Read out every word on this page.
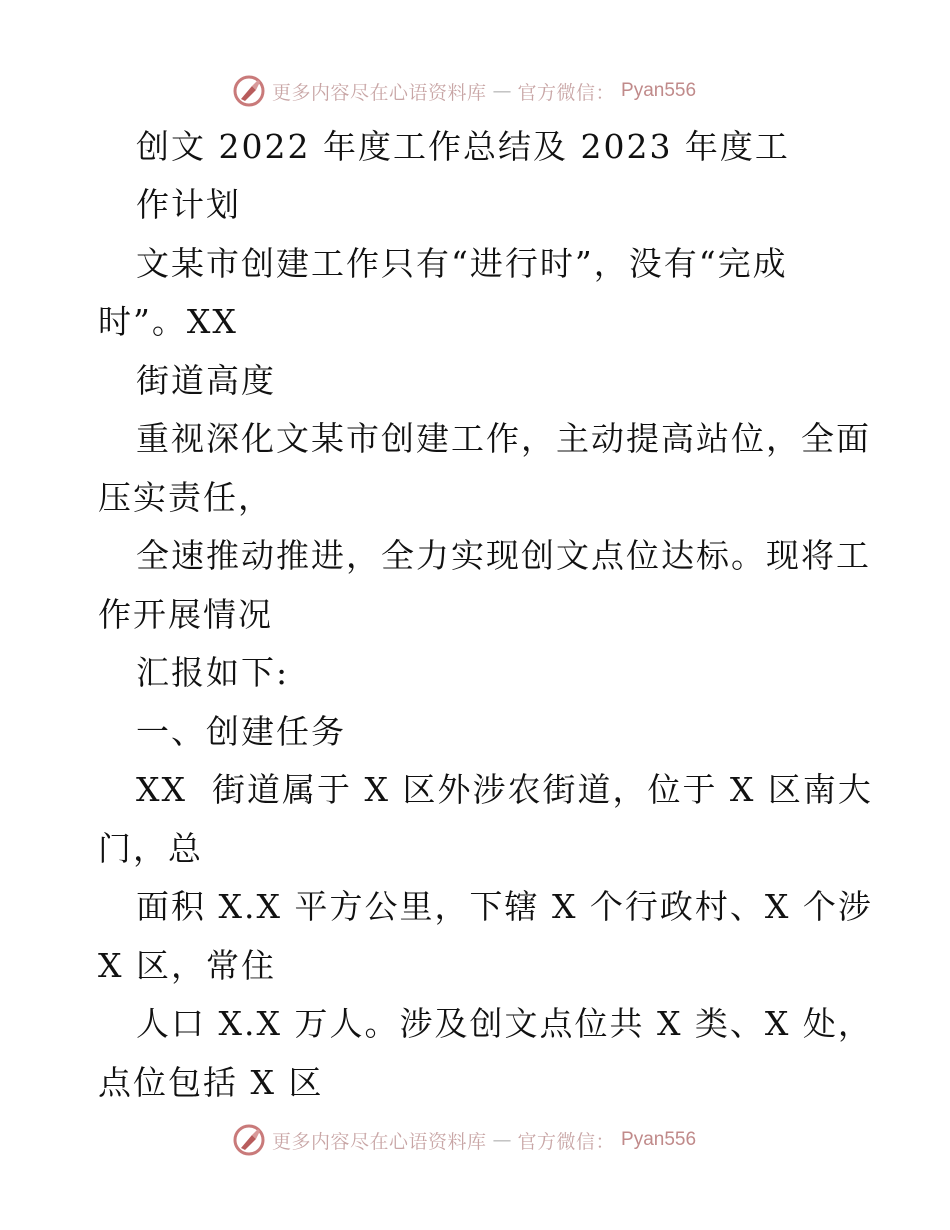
更多内容尽在心语资料库 — 官方微信： Pyan556
创文 2022 年度工作总结及 2023 年度工
作计划
文某市创建工作只有“进行时”，没有“完成
时”。XX
街道高度
重视深化文某市创建工作，主动提高站位，全面
压实责任，
全速推动推进，全力实现创文点位达标。现将工
作开展情况
汇报如下:
一、创建任务
XX  街道属于 X 区外涉农街道，位于 X 区南大
门，总
面积 X.X 平方公里，下辖 X 个行政村、X 个涉
X 区，常住
人口 X.X 万人。涉及创文点位共 X 类、X 处，
点位包括 X 区
更多内容尽在心语资料库 — 官方微信： Pyan556
